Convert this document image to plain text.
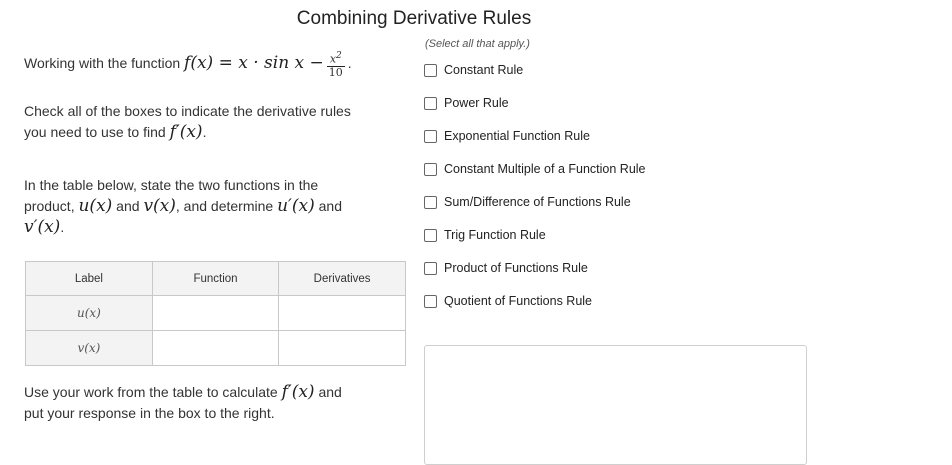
Combining Derivative Rules
Working with the function $f(x) = x \cdot \sin x - \frac{x^2}{10}$ .
Check all of the boxes to indicate the derivative rules
you need to use to find f′(x).
In the table below, state the two functions in the
product, u(x) and v(x), and determine u′(x) and
v′(x).
(Select all that apply.)
Constant Rule
Power Rule
Exponential Function Rule
Constant Multiple of a Function Rule
Sum/Difference of Functions Rule
Trig Function Rule
Product of Functions Rule
Quotient of Functions Rule
Label	Function	Derivatives
u(x)		
v(x)		
Use your work from the table to calculate f′(x) and
put your response in the box to the right.
